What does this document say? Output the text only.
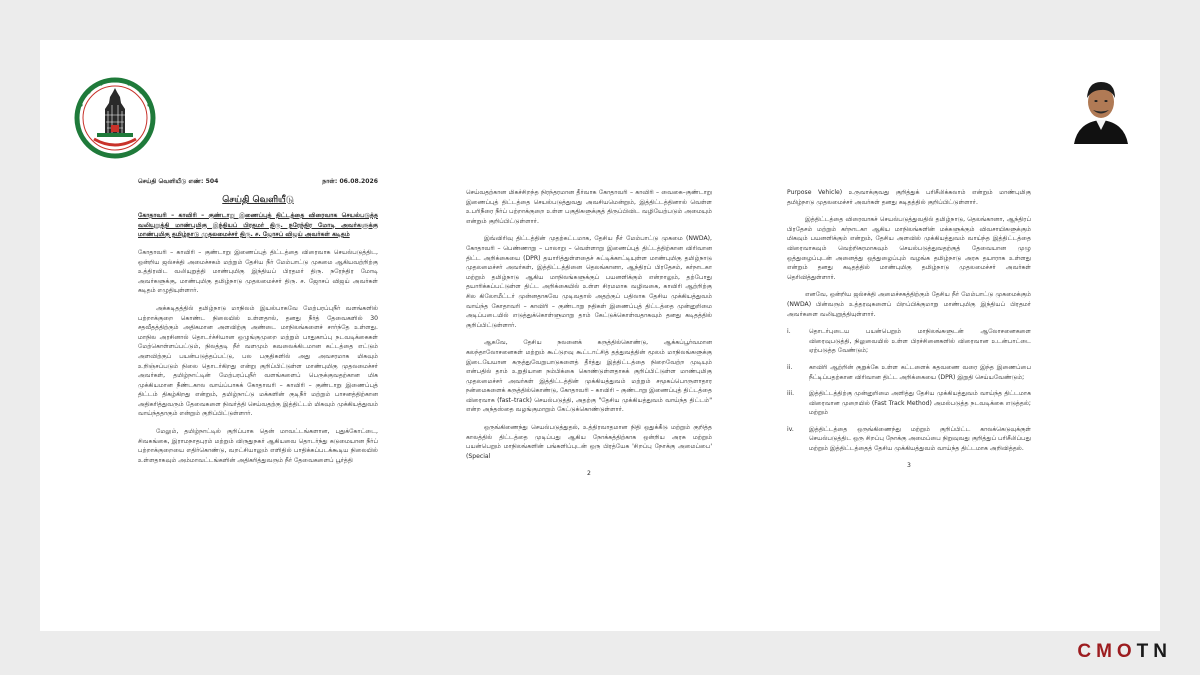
செய்தி வெளியீடு எண்: 504	நாள்: 06.08.2026
செய்தி வெளியீடு
கோதாவரி – காவிரி – குண்டாறு இணைப்புத் திட்டத்தை விரைவாக செயல்படுத்த வலியுறுத்தி மாண்புமிகு இந்தியப் பிரதமர் திரு. நரேந்திர மோடி அவர்களுக்கு மாண்புமிகு தமிழ்நாடு முதலமைச்சர் திரு. ச. ஜோசப் விஜய் அவர்கள் கடிதம்

கோதாவரி – காவிரி – குண்டாறு இணைப்புத் திட்டத்தை விரைவாக செயல்படுத்திட, ஒன்றிய ஜல்சக்தி அமைச்சகம் மற்றும் தேசிய நீர் மேம்பாட்டு முகமை ஆகியவற்றிற்கு உத்திரவிட வலியுறுத்தி மாண்புமிகு இந்தியப் பிரதமர் திரு. நரேந்திர மோடி அவர்களுக்கு, மாண்புமிகு தமிழ்நாடு முதலமைச்சர் திரு. ச. ஜோசப் விஜய் அவர்கள் கடிதம் எழுதியுள்ளார்.

அக்கடிதத்தில் தமிழ்நாடு மாநிலம் இயல்பாகவே மேற்பரப்புநீர் வளங்களில் பற்றாக்குறை கொண்ட நிலையில் உள்ளதால், தனது நீர்த் தேவைகளில் 30 சதவீதத்திற்கும் அதிகமான அளவிற்கு அண்டை மாநிலங்களைச் சார்ந்தே உள்ளது. மாநில அரசினால் தொடர்ச்சியான ஒழுங்குமுறை மற்றும் பாதுகாப்பு நடவடிக்கைகள் மேற்கொள்ளப்பட்டும், நிலத்தடி நீர் வளமும் கவலைக்கிடமான கட்டத்தை எட்டும் அளவிற்குப் பயன்படுத்தப்பட்டு, பல பகுதிகளில் அது அவசரமாக மிகவும் உறிஞ்சப்படும் நிலை தொடர்கிறது என்று குறிப்பிட்டுள்ள மாண்புமிகு முதலமைச்சர் அவர்கள், தமிழ்நாட்டின் மேற்பரப்புநீர் வளங்களைப் பெருக்குவதற்கான மிக முக்கியமான நீண்டகால வாய்ப்பாகக் கோதாவரி – காவிரி – குண்டாறு இணைப்புத் திட்டம் திகழ்கிறது என்றும், தமிழ்நாட்டு மக்களின் குடிநீர் மற்றும் பாசனத்திற்கான அதிகரித்துவரும் தேவைகளை நிவர்த்தி செய்வதற்கு இத்திட்டம் மிகவும் முக்கியத்துவம் வாய்ந்ததாகும் என்றும் குறிப்பிட்டுள்ளார்.

மேலும், தமிழ்நாட்டில் குறிப்பாக தென் மாவட்டங்களான, புதுக்கோட்டை, சிவகங்கை, இராமநாதபுரம் மற்றும் விருதுநகர் ஆகியவை தொடர்ந்து கடுமையான நீர்ப் பற்றாக்குறையை எதிர்கொண்டு, வறட்சியாலும் எளிதில் பாதிக்கப்படக்கூடிய நிலையில் உள்ளதாகவும் அம்மாவட்டங்களின் அதிகரித்துவரும் நீர் தேவைகளைப் பூர்த்தி

செய்வதற்கான மிகச்சிறந்த நிரந்தரமான தீர்வாக கோதாவரி – காவிரி – வைகை–குண்டாறு இணைப்புத் திட்டத்தை செயல்படுத்துவது அவசியமென்றும், இத்திட்டத்தினால் வெள்ள உபரிநீரை நீர்ப் பற்றாக்குறை உள்ள பகுதிகளுக்குத் திருப்பிவிட வழியேற்படும் அமையும் என்றும் குறிப்பிட்டுள்ளார்.

இவ்விரிவு திட்டத்தின் முதற்கட்டமாக, தேசிய நீர் மேம்பாட்டு முகமை (NWDA), கோதாவரி – பெண்ணாறு – பாலாறு – வெள்ளாறு இணைப்புத் திட்டத்திற்கான விரிவான திட்ட அறிக்கையை (DPR) தயாரித்துள்ளதைச் சுட்டிக்காட்டியுள்ள மாண்புமிகு தமிழ்நாடு முதலமைச்சர் அவர்கள், இத்திட்டத்தினை தெலங்கானா, ஆந்திரப் பிரதேசம், கர்நாடகா மற்றும் தமிழ்நாடு ஆகிய மாநிலங்களுக்குப் பயனளிக்கும் என்றாலும், தற்போது தயாரிக்கப்பட்டுள்ள திட்ட அறிக்கையில் உள்ள சிரமமாக வழிவகை, காவிரி ஆற்றிற்கு சில கிலோமீட்டர் முன்னதாகவே முடிவதால் அதற்குப் பதிலாக தேசிய முக்கியத்துவம் வாய்ந்த கோதாவரி – காவிரி – குண்டாறு நதிகள் இணைப்புத் திட்டத்தை முன்னுரிமை அடிப்படையில் எடுத்துக்கொள்ளுமாறு தாம் கேட்டுக்கொள்வதாகவும் தனது கடிதத்தில் குறிப்பிட்டுள்ளார்.

ஆகவே, தேசிய நலனைக் கருத்தில்கொண்டு, ஆக்கப்பூர்வமான கலந்தாலோசனைகள் மற்றும் கூட்டுறவு கூட்டாட்சித் தத்துவத்தின் மூலம் மாநிலங்களுக்கு இடையேயான கருத்துவேறுபாடுகளைத் தீர்த்து இத்திட்டத்தை நிறைவேற்ற முடியும் என்பதில் தாம் உறுதியான நம்பிக்கை கொண்டுள்ளதாகக் குறிப்பிட்டுள்ள மாண்புமிகு முதலமைச்சர் அவர்கள் இத்திட்டத்தின் முக்கியத்துவம் மற்றும் சமூகப்பொருளாதார நன்மைகளைக் கருத்தில்கொண்டு, கோதாவரி – காவிரி – குண்டாறு இணைப்புத் திட்டத்தை விரைவாக (fast–track) செயல்படுத்தி, அதற்கு "தேசிய முக்கியத்துவம் வாய்ந்த திட்டம்" என்ற அந்தஸ்தை வழங்குமாறும் கேட்டுக்கொண்டுள்ளார்.

ஒருங்கிணைந்து செயல்படுத்துதல், உத்திரவாதமான நிதி ஒதுக்கீடு மற்றும் குறித்த காலத்தில் திட்டத்தை முடிப்பது ஆகிய நோக்கத்திற்காக ஒன்றிய அரசு மற்றும் பயன்பெறும் மாநிலங்களின் பங்களிப்புடன் ஒரு பிரத்யேக 'சிறப்பு நோக்கு அமைப்பை' (Special

2

Purpose Vehicle) உருவாக்குவது குறித்துக் பரிசீலிக்கலாம் என்றும் மாண்புமிகு தமிழ்நாடு முதலமைச்சர் அவர்கள் தனது கடிதத்தில் குறிப்பிட்டுள்ளார்.

இத்திட்டத்தை விரைவாகச் செயல்படுத்துவதில் தமிழ்நாடு, தெலங்கானா, ஆந்திரப் பிரதேசம் மற்றும் கர்நாடகா ஆகிய மாநிலங்களின் மக்களுக்கும் விவசாயிகளுக்கும் மிகவும் பயனளிக்கும் என்றும், தேசிய அளவில் முக்கியத்துவம் வாய்ந்த இத்திட்டத்தை விரைவாகவும் வெற்றிகரமாகவும் செயல்படுத்துவதற்குத் தேவையான முழு ஒத்துழைப்புடன் அனைத்து ஒத்துழைப்பும் வழங்க தமிழ்நாடு அரசு தயாராக உள்ளது என்றும் தனது கடிதத்தில் மாண்புமிகு தமிழ்நாடு முதலமைச்சர் அவர்கள் தெரிவித்துள்ளார்.

எனவே, ஒன்றிய ஜல்சக்தி அமைச்சகத்திற்கும் தேசிய நீர் மேம்பாட்டு முகமைக்கும் (NWDA) பின்வரும் உத்தரவுகளைப் பிறப்பிக்குமாறு மாண்புமிகு இந்தியப் பிரதமர் அவர்களை வலியுறுத்தியுள்ளார்.

i. தொடர்புடைய பயன்பெறும் மாநிலங்களுடன் ஆலோசனைகளை விரைவுபடுத்தி, நிலுவையில் உள்ள பிரச்சினைகளில் விரைவான உடன்பாட்டை ஏற்படுத்த வேண்டும்;
ii. காவிரி ஆற்றின் குறுக்கே உள்ள கட்டளைக் கதவணை வரை இந்த இணைப்பை நீட்டிப்பதற்கான விரிவான திட்ட அறிக்கையை (DPR) இறுதி செய்யவேண்டும்;
iii. இத்திட்டத்திற்கு முன்னுரிமை அளித்து தேசிய முக்கியத்துவம் வாய்ந்த திட்டமாக விரைவான முறையில் (Fast Track Method) அமல்படுத்த நடவடிக்கை எடுத்தல்; மற்றும்
iv. இத்திட்டத்தை ஒருங்கிணைந்து மற்றும் குறிப்பிட்ட காலக்கெடுவுக்குள் செயல்படுத்திட ஒரு சிறப்பு நோக்கு அமைப்பை நிறுவுவது குறித்துப் பரிசீலிப்பது மற்றும் இத்திட்டத்தைத் தேசிய முக்கியத்துவம் வாய்ந்த திட்டமாக அறிவித்தல்.
3
CMOTN
